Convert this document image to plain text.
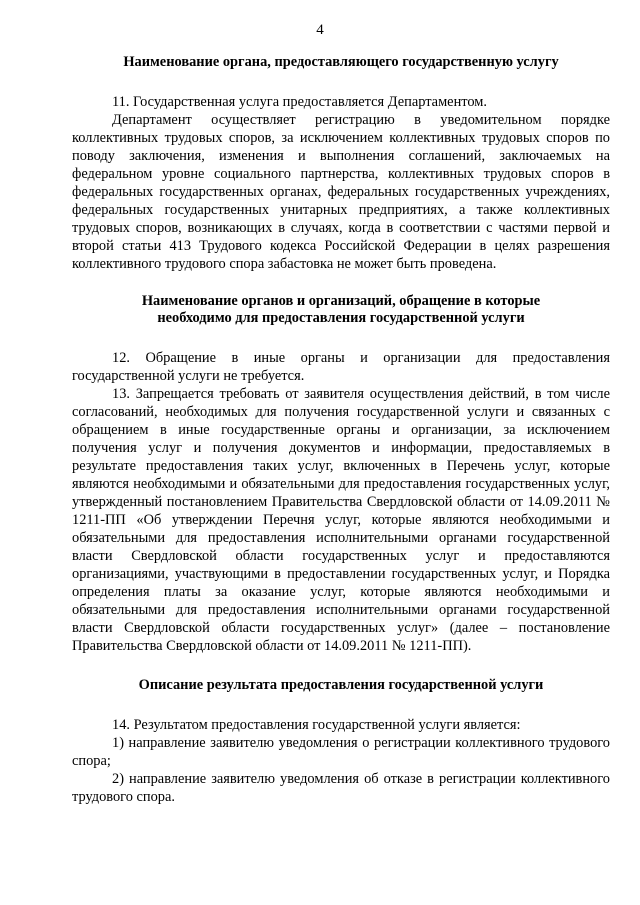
4
Наименование органа, предоставляющего государственную услугу

11. Государственная услуга предоставляется Департаментом.

Департамент осуществляет регистрацию в уведомительном порядке коллективных трудовых споров, за исключением коллективных трудовых споров по поводу заключения, изменения и выполнения соглашений, заключаемых на федеральном уровне социального партнерства, коллективных трудовых споров в федеральных государственных органах, федеральных государственных учреждениях, федеральных государственных унитарных предприятиях, а также коллективных трудовых споров, возникающих в случаях, когда в соответствии с частями первой и второй статьи 413 Трудового кодекса Российской Федерации в целях разрешения коллективного трудового спора забастовка не может быть проведена.

Наименование органов и организаций, обращение в которые
необходимо для предоставления государственной услуги

12. Обращение в иные органы и организации для предоставления государственной услуги не требуется.

13. Запрещается требовать от заявителя осуществления действий, в том числе согласований, необходимых для получения государственной услуги и связанных с обращением в иные государственные органы и организации, за исключением получения услуг и получения документов и информации, предоставляемых в результате предоставления таких услуг, включенных в Перечень услуг, которые являются необходимыми и обязательными для предоставления государственных услуг, утвержденный постановлением Правительства Свердловской области от 14.09.2011 № 1211-ПП «Об утверждении Перечня услуг, которые являются необходимыми и обязательными для предоставления исполнительными органами государственной власти Свердловской области государственных услуг и предоставляются организациями, участвующими в предоставлении государственных услуг, и Порядка определения платы за оказание услуг, которые являются необходимыми и обязательными для предоставления исполнительными органами государственной власти Свердловской области государственных услуг» (далее – постановление Правительства Свердловской области от 14.09.2011 № 1211-ПП).

Описание результата предоставления государственной услуги

14. Результатом предоставления государственной услуги является:

1) направление заявителю уведомления о регистрации коллективного трудового спора;

2) направление заявителю уведомления об отказе в регистрации коллективного трудового спора.
